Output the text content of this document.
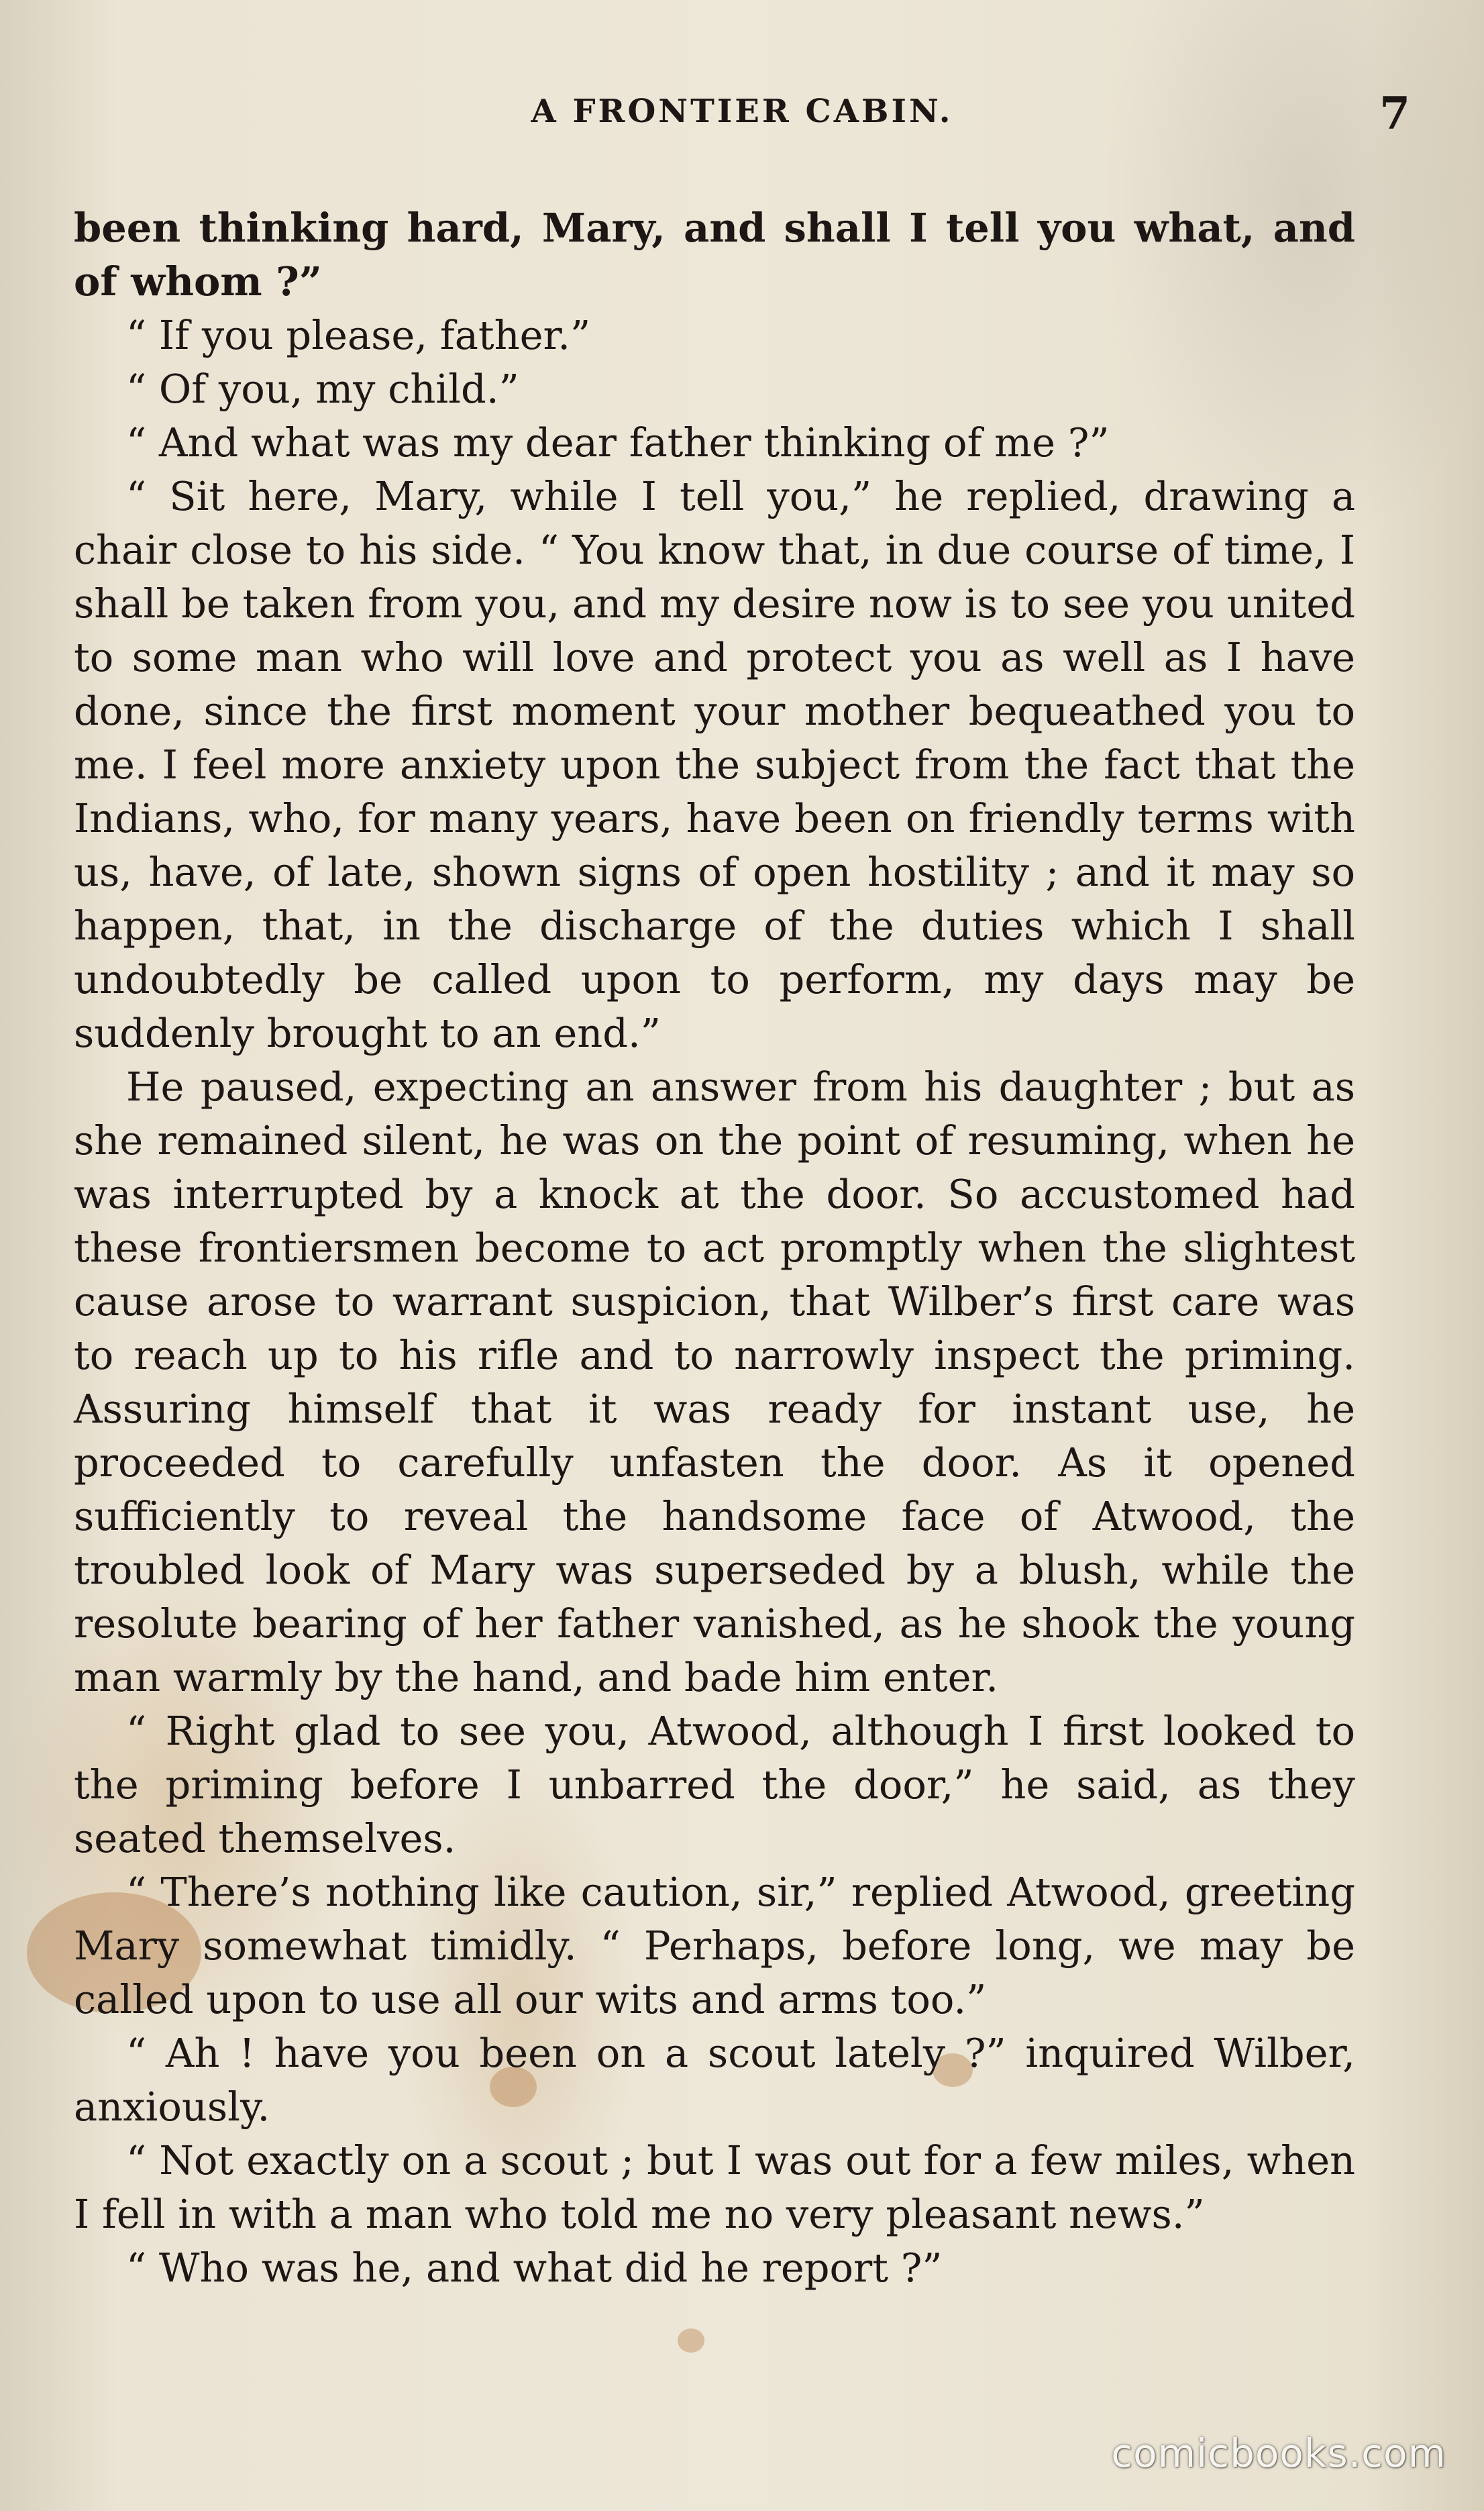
A FRONTIER CABIN.	7

been thinking hard, Mary, and shall I tell you what, and of whom ?”

“ If you please, father.”

“ Of you, my child.”

“ And what was my dear father thinking of me ?”

“ Sit here, Mary, while I tell you,” he replied, drawing a chair close to his side. “ You know that, in due course of time, I shall be taken from you, and my desire now is to see you united to some man who will love and protect you as well as I have done, since the first moment your mother bequeathed you to me. I feel more anxiety upon the subject from the fact that the Indians, who, for many years, have been on friendly terms with us, have, of late, shown signs of open hostility ; and it may so happen, that, in the discharge of the duties which I shall undoubtedly be called upon to perform, my days may be suddenly brought to an end.”

He paused, expecting an answer from his daughter ; but as she remained silent, he was on the point of resuming, when he was interrupted by a knock at the door. So accustomed had these frontiersmen become to act promptly when the slightest cause arose to warrant suspicion, that Wilber’s first care was to reach up to his rifle and to narrowly inspect the priming. Assuring himself that it was ready for instant use, he proceeded to carefully unfasten the door. As it opened sufficiently to reveal the handsome face of Atwood, the troubled look of Mary was superseded by a blush, while the resolute bearing of her father vanished, as he shook the young man warmly by the hand, and bade him enter.

“ Right glad to see you, Atwood, although I first looked to the priming before I unbarred the door,” he said, as they seated themselves.

“ There’s nothing like caution, sir,” replied Atwood, greeting Mary somewhat timidly. “ Perhaps, before long, we may be called upon to use all our wits and arms too.”

“ Ah ! have you been on a scout lately ?” inquired Wilber, anxiously.

“ Not exactly on a scout ; but I was out for a few miles, when I fell in with a man who told me no very pleasant news.”

“ Who was he, and what did he report ?”

comicbooks.com
